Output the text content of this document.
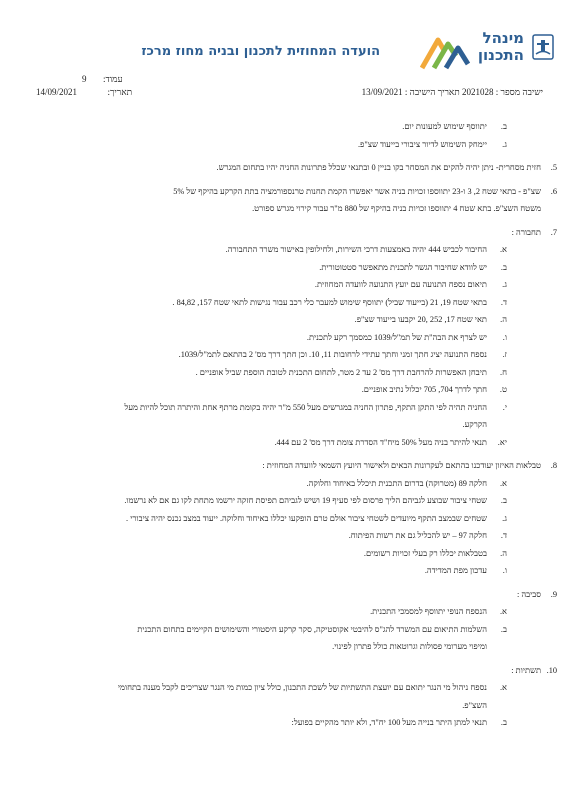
מינהל
התכנון
הועדה המחוזית לתכנון ובניה מחוז מרכז
עמוד:  9
תאריך:  14/09/2021	ישיבה מספר : 2021028 תאריך הישיבה : 13/09/2021
ב.
יתווסף שימוש למעונות יום.
ג.
יימחק השימוש לדיור ציבורי בייעוד שצ"פ.
5.
חזית מסחרית- ניתן יהיה להקים את המסחר בקו בניין 0 ובתנאי שכלל פתרונות החניה יהיו בתחום המגרש.
6.
שצ"פ - בתאי שטח 2, 3 ו-23 יתווספו זכויות בניה אשר יאפשרו הקמת תחנות טרנספורמציה בתת הקרקע בהיקף של 5%
משטח השצ"פ. בתא שטח 4 יתווספו זכויות בניה בהיקף של 880 מ"ר עבור קירוי מגרש ספורט.
7.
תחבורה :
א.
החיבור לכביש 444 יהיה באמצעות דרכי השירות, ולחילופין באישור משרד התחבורה.
ב.
יש לוודא שחיבור הגשר לתכנית מתאפשר סטטוטורית.
ג.
תיאום נספח התנועה עם יועץ התנועה לוועדה המחוזית.
ד.
בתאי שטח 19, 21 (בייעוד שביל) יתווסף שימוש למעבר כלי רכב עבור נגישות לתאי שטח 157, 84,82 .
ה.
תאי שטח 17, 252 ,20 יקבעו בייעוד שצ"פ.
ו.
יש לצרף את הבה"ת של תמ"ל/1039 כמסמך רקע לתכנית.
ז.
נספח התנועה יציג חתך זמני וחתך עתידי לרחובות 11, 10. וכן חתך דרך מס' 2 בהתאם לתמ"ל/1039.
ח.
תיבחן האפשרות להרחבת דרך מס' 2 עד 2 מטר, לתחום התכנית לטובת הוספת שביל אופניים .
ט.
חתך לדרך 704, 705 יכלול נתיב אופניים.
י.
החניה תהיה לפי התקן התקף, פתרון החניה במגרשים מעל 550 מ"ר יהיה בקומת מרתף אחת והיתרה תוכל להיות מעל
הקרקע.
יא.
תנאי להיתר בניה מעל 50% מיח"ד הסדרת צומת דרך מס' 2 עם 444.
8.
טבלאות האיזון יעודכנו בהתאם לעקרונות הבאים ולאישור היועץ השמאי לוועדה המחוזית :
א.
חלקה 89 (מטרוקה) בדרום התכנית תיכלל באיחוד וחלוקה.
ב.
שטחי ציבור שבוצע לגביהם הליך פרסום לפי סעיף 19 ושיש לגביהם תפיסת חזקה ירשמו מתחת לקו גם אם לא נרשמו.
ג.
שטחים שבמצב התקף מיועדים לשטחי ציבור אולם טרם הופקעו יכללו באיחוד וחלוקה. ייעוד במצב נכנס יהיה ציבורי .
ד.
חלקה 97 – יש להכליל גם את רשות הפיתוח.
ה.
בטבלאות יכללו רק בעלי זכויות רשומים.
ו.
עדכון מפת המדידה.
9.
סביבה :
א.
הנספח הנופי יתווסף למסמכי התכנית.
ב.
השלמות התיאום עם המשרד להג"ס להיבטי אקוסטיקה, סקר קרקע היסטורי והשימושים הקיימים בתחום התכנית
ומיפוי מערומי פסולות וגרוטאות כולל פתרון לפינוי.
10.
תשתיות :
א.
נספח ניהול מי הנגר יתואם עם יועצת התשתיות של לשכת התכנון, כולל ציון כמות מי הנגר שצריכים לקבל מענה בתחומי
השצ"פ.
ב.
תנאי למתן היתר בנייה מעל 100 יח"ד, ולא יותר מהקיים בפועל:
